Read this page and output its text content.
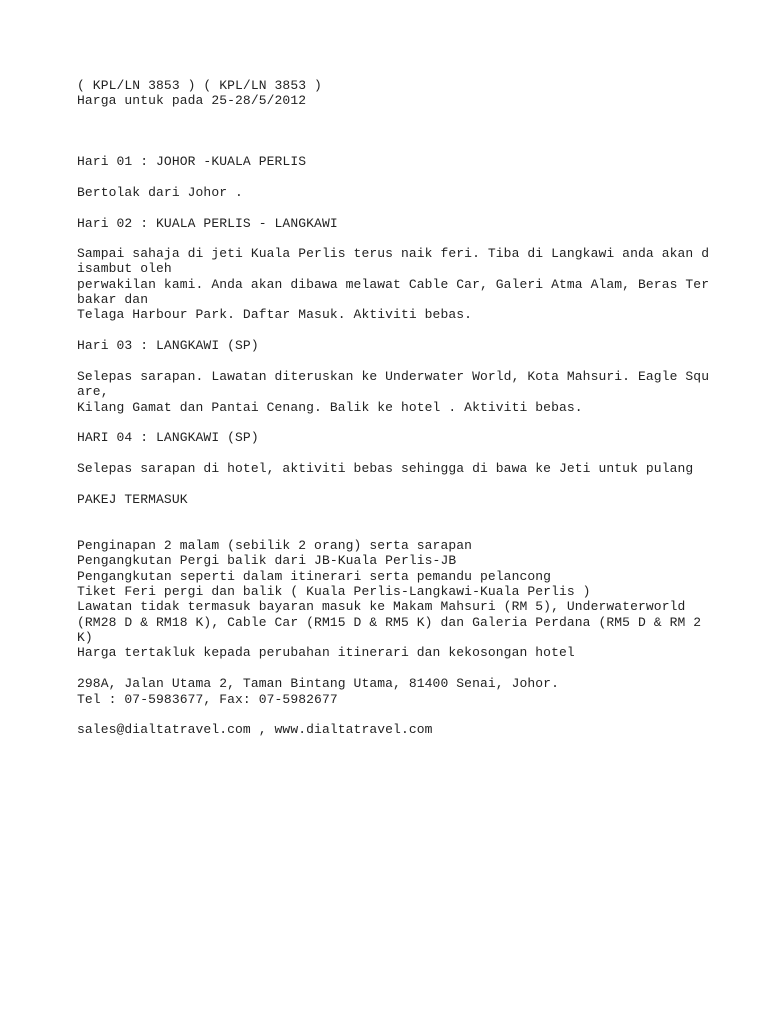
( KPL/LN 3853 ) ( KPL/LN 3853 )

Harga untuk pada 25-28/5/2012

Hari 01 : JOHOR -KUALA PERLIS

Bertolak dari Johor .

Hari 02 : KUALA PERLIS - LANGKAWI

Sampai sahaja di jeti Kuala Perlis terus naik feri. Tiba di Langkawi anda akan d

isambut oleh

perwakilan kami. Anda akan dibawa melawat Cable Car, Galeri Atma Alam, Beras Ter

bakar dan

Telaga Harbour Park. Daftar Masuk. Aktiviti bebas.

Hari 03 : LANGKAWI (SP)

Selepas sarapan. Lawatan diteruskan ke Underwater World, Kota Mahsuri. Eagle Squ

are,

Kilang Gamat dan Pantai Cenang. Balik ke hotel . Aktiviti bebas.

HARI 04 : LANGKAWI (SP)

Selepas sarapan di hotel, aktiviti bebas sehingga di bawa ke Jeti untuk pulang

PAKEJ TERMASUK

Penginapan 2 malam (sebilik 2 orang) serta sarapan

Pengangkutan Pergi balik dari JB-Kuala Perlis-JB

Pengangkutan seperti dalam itinerari serta pemandu pelancong

Tiket Feri pergi dan balik ( Kuala Perlis-Langkawi-Kuala Perlis )

Lawatan tidak termasuk bayaran masuk ke Makam Mahsuri (RM 5), Underwaterworld

(RM28 D & RM18 K), Cable Car (RM15 D & RM5 K) dan Galeria Perdana (RM5 D & RM 2

K)

Harga tertakluk kepada perubahan itinerari dan kekosongan hotel

298A, Jalan Utama 2, Taman Bintang Utama, 81400 Senai, Johor.

Tel : 07-5983677, Fax: 07-5982677

sales@dialtatravel.com , www.dialtatravel.com
